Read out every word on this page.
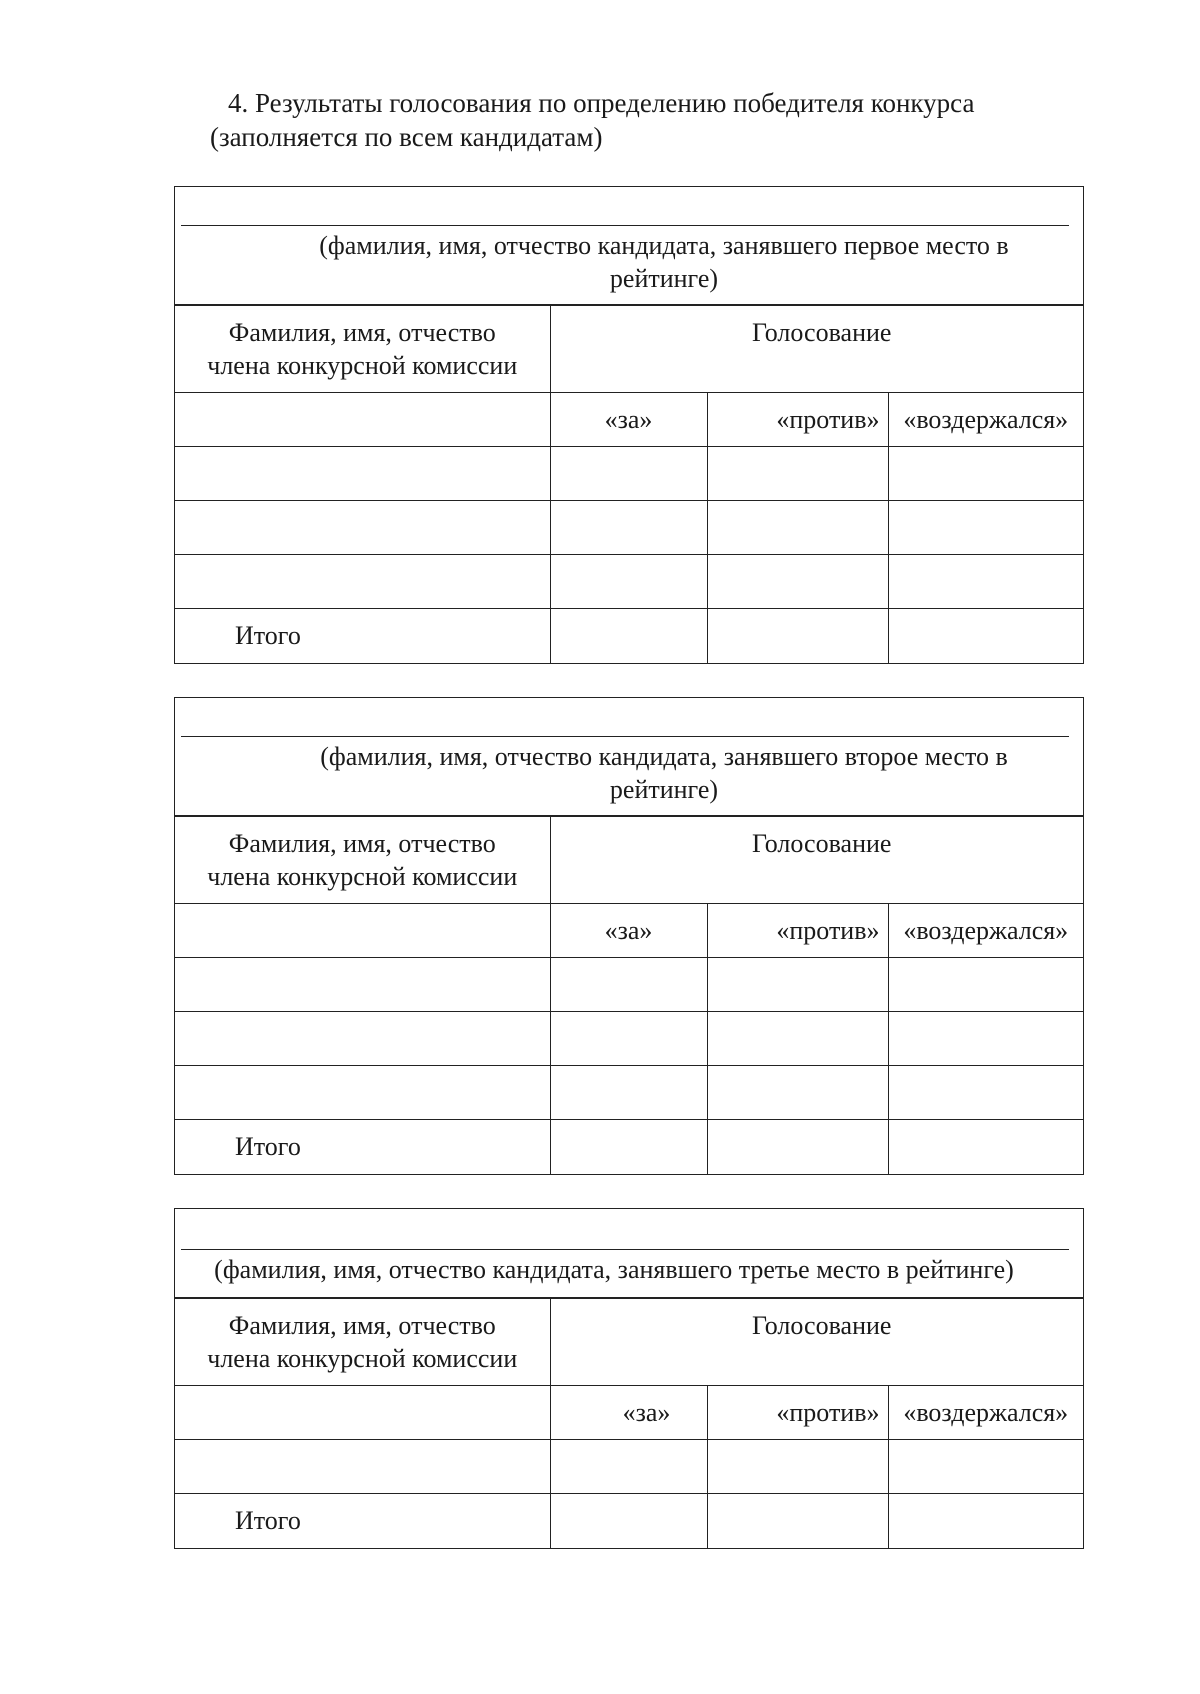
4. Результаты голосования по определению победителя конкурса
(заполняется по всем кандидатам)
(фамилия, имя, отчество кандидата, занявшего первое место в
рейтинге)
Фамилия, имя, отчество
члена конкурсной комиссии	Голосование		
	«за»	«против»	«воздержался»

Итого			
(фамилия, имя, отчество кандидата, занявшего второе место в
рейтинге)
Фамилия, имя, отчество
члена конкурсной комиссии	Голосование		
	«за»	«против»	«воздержался»

Итого			
(фамилия, имя, отчество кандидата, занявшего третье место в рейтинге)
Фамилия, имя, отчество
члена конкурсной комиссии	Голосование		
	«за»	«против»	«воздержался»

Итого			
